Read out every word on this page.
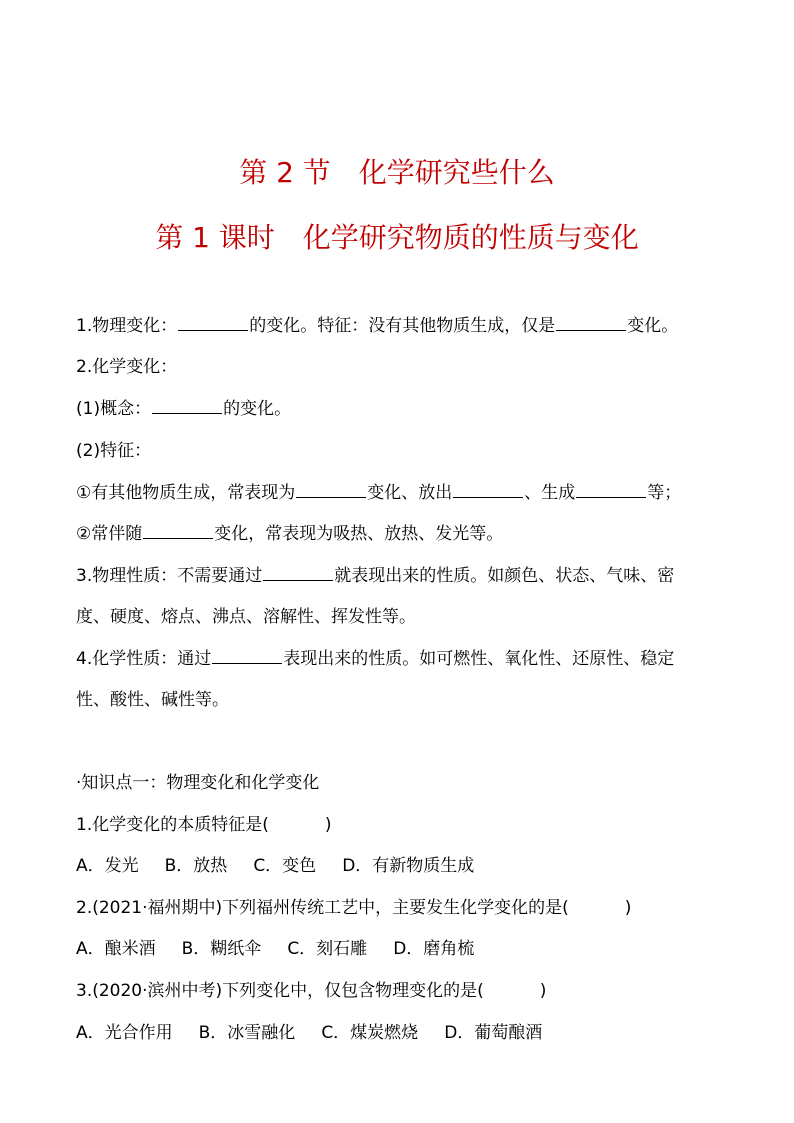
第 2 节　化学研究些什么
第 1 课时　化学研究物质的性质与变化
1.物理变化：	的变化。特征：没有其他物质生成，仅是	变化。
2.化学变化：
(1)概念：	的变化。
(2)特征：
①有其他物质生成，常表现为	变化、放出	、生成	等；
②常伴随	变化，常表现为吸热、放热、发光等。
3.物理性质：不需要通过	就表现出来的性质。如颜色、状态、气味、密
度、硬度、熔点、沸点、溶解性、挥发性等。
4.化学性质：通过	表现出来的性质。如可燃性、氧化性、还原性、稳定
性、酸性、碱性等。
·知识点一：物理变化和化学变化
1.化学变化的本质特征是(	)
A．发光 B．放热 C．变色 D．有新物质生成
2.(2021·福州期中)下列福州传统工艺中，主要发生化学变化的是(	)
A．酿米酒 B．糊纸伞 C．刻石雕 D．磨角梳
3.(2020·滨州中考)下列变化中，仅包含物理变化的是(	)
A．光合作用 B．冰雪融化 C．煤炭燃烧 D．葡萄酿酒
